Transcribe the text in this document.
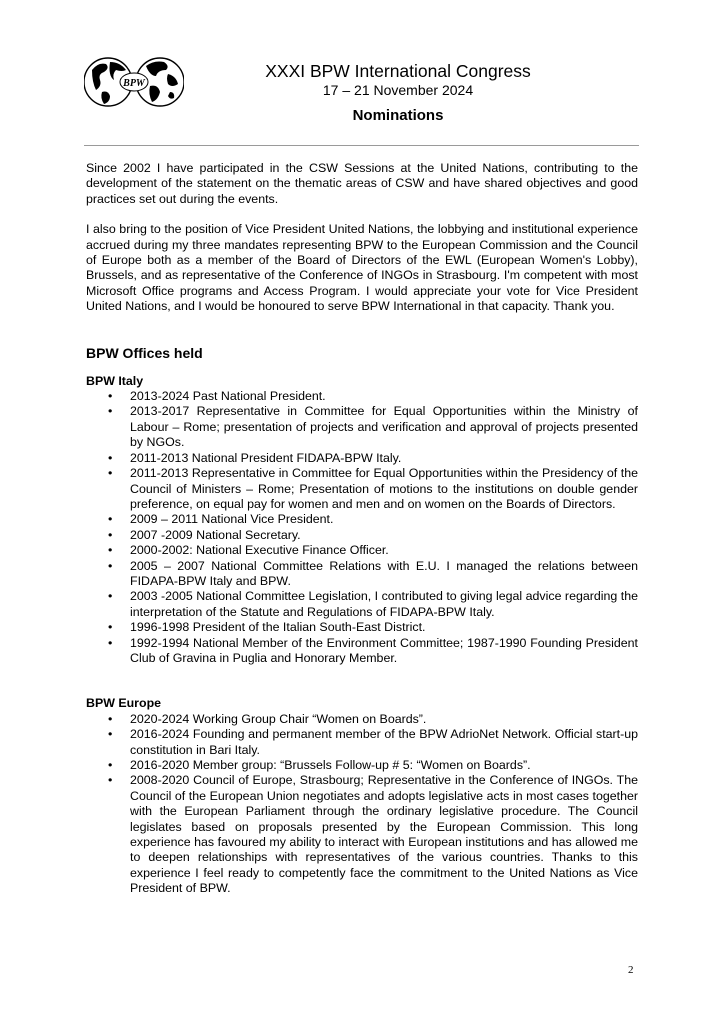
BPW
XXXI BPW International Congress
17 – 21 November 2024
Nominations

Since 2002 I have participated in the CSW Sessions at the United Nations, contributing to the development of the statement on the thematic areas of CSW and have shared objectives and good practices set out during the events.

I also bring to the position of Vice President United Nations, the lobbying and institutional experience accrued during my three mandates representing BPW to the European Commission and the Council of Europe both as a member of the Board of Directors of the EWL (European Women's Lobby), Brussels, and as representative of the Conference of INGOs in Strasbourg. I'm competent with most Microsoft Office programs and Access Program. I would appreciate your vote for Vice President United Nations, and I would be honoured to serve BPW International in that capacity. Thank you.

BPW Offices held

BPW Italy

• 2013-2024 Past National President.
• 2013-2017 Representative in Committee for Equal Opportunities within the Ministry of Labour – Rome; presentation of projects and verification and approval of projects presented by NGOs.
• 2011-2013 National President FIDAPA-BPW Italy.
• 2011-2013 Representative in Committee for Equal Opportunities within the Presidency of the Council of Ministers – Rome; Presentation of motions to the institutions on double gender preference, on equal pay for women and men and on women on the Boards of Directors.
• 2009 – 2011 National Vice President.
• 2007 -2009 National Secretary.
• 2000-2002: National Executive Finance Officer.
• 2005 – 2007 National Committee Relations with E.U. I managed the relations between FIDAPA-BPW Italy and BPW.
• 2003 -2005 National Committee Legislation, I contributed to giving legal advice regarding the interpretation of the Statute and Regulations of FIDAPA-BPW Italy.
• 1996-1998 President of the Italian South-East District.
• 1992-1994 National Member of the Environment Committee; 1987-1990 Founding President Club of Gravina in Puglia and Honorary Member.

BPW Europe

• 2020-2024 Working Group Chair “Women on Boards”.
• 2016-2024 Founding and permanent member of the BPW AdrioNet Network. Official start-up constitution in Bari Italy.
• 2016-2020 Member group: “Brussels Follow-up # 5: “Women on Boards”.
• 2008-2020 Council of Europe, Strasbourg; Representative in the Conference of INGOs. The Council of the European Union negotiates and adopts legislative acts in most cases together with the European Parliament through the ordinary legislative procedure. The Council legislates based on proposals presented by the European Commission. This long experience has favoured my ability to interact with European institutions and has allowed me to deepen relationships with representatives of the various countries. Thanks to this experience I feel ready to competently face the commitment to the United Nations as Vice President of BPW.
2
